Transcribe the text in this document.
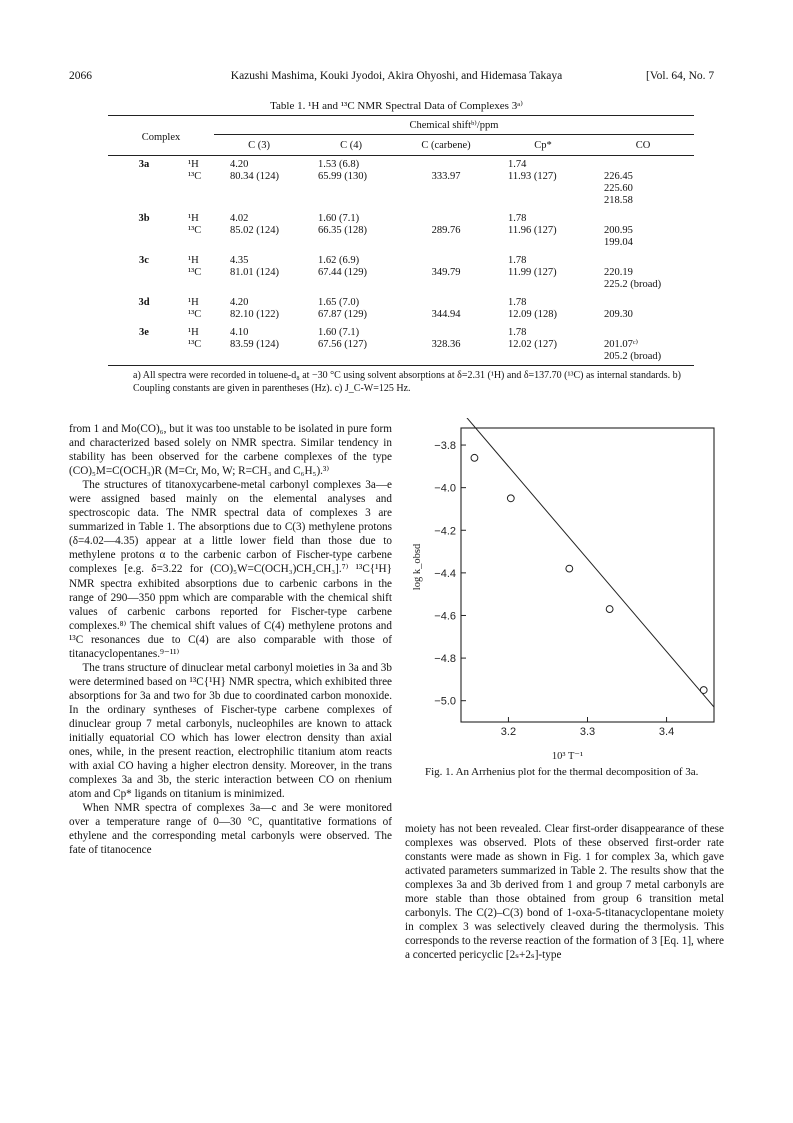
2066	Kazushi Mashima, Kouki Jyodoi, Akira Ohyoshi, and Hidemasa Takaya	[Vol. 64, No. 7
Table 1. ¹H and ¹³C NMR Spectral Data of Complexes 3ᵃ⁾
Complex		Chemical shiftᵇ⁾/ppm				

		C (3)	C (4)	C (carbene)	Cp*	CO
3a	¹H	4.20	1.53 (6.8)		1.74	
	¹³C	80.34 (124)	65.99 (130)	333.97	11.93 (127)	226.45
						225.60
						218.58
3b	¹H	4.02	1.60 (7.1)		1.78	
	¹³C	85.02 (124)	66.35 (128)	289.76	11.96 (127)	200.95
						199.04
3c	¹H	4.35	1.62 (6.9)		1.78	
	¹³C	81.01 (124)	67.44 (129)	349.79	11.99 (127)	220.19
						225.2 (broad)
3d	¹H	4.20	1.65 (7.0)		1.78	
	¹³C	82.10 (122)	67.87 (129)	344.94	12.09 (128)	209.30
3e	¹H	4.10	1.60 (7.1)		1.78	
	¹³C	83.59 (124)	67.56 (127)	328.36	12.02 (127)	201.07ᶜ⁾
						205.2 (broad)
a) All spectra were recorded in toluene-d₈ at −30 °C using solvent absorptions at δ=2.31 (¹H) and δ=137.70 (¹³C) as internal standards. b) Coupling constants are given in parentheses (Hz). c) J_C-W=125 Hz.

from 1 and Mo(CO)₆, but it was too unstable to be isolated in pure form and characterized based solely on NMR spectra. Similar tendency in stability has been observed for the carbene complexes of the type (CO)₅M=C(OCH₃)R (M=Cr, Mo, W; R=CH₃ and C₆H₅).³⁾

The structures of titanoxycarbene-metal carbonyl complexes 3a—e were assigned based mainly on the elemental analyses and spectroscopic data. The NMR spectral data of complexes 3 are summarized in Table 1. The absorptions due to C(3) methylene protons (δ=4.02—4.35) appear at a little lower field than those due to methylene protons α to the carbenic carbon of Fischer-type carbene complexes [e.g. δ=3.22 for (CO)₅W=C(OCH₃)CH₂CH₃].⁷⁾ ¹³C{¹H} NMR spectra exhibited absorptions due to carbenic carbons in the range of 290—350 ppm which are comparable with the chemical shift values of carbenic carbons reported for Fischer-type carbene complexes.⁸⁾ The chemical shift values of C(4) methylene protons and ¹³C resonances due to C(4) are also comparable with those of titanacyclopentanes.⁹⁻¹¹⁾

The trans structure of dinuclear metal carbonyl moieties in 3a and 3b were determined based on ¹³C{¹H} NMR spectra, which exhibited three absorptions for 3a and two for 3b due to coordinated carbon monoxide. In the ordinary syntheses of Fischer-type carbene complexes of dinuclear group 7 metal carbonyls, nucleophiles are known to attack initially equatorial CO which has lower electron density than axial ones, while, in the present reaction, electrophilic titanium atom reacts with axial CO having a higher electron density. Moreover, in the trans complexes 3a and 3b, the steric interaction between CO on rhenium atom and Cp* ligands on titanium is minimized.

When NMR spectra of complexes 3a—c and 3e were monitored over a temperature range of 0—30 °C, quantitative formations of ethylene and the corresponding metal carbonyls were observed. The fate of titanocence

−3.8
−4.0
−4.2
−4.4
−4.6
−4.8
−5.0
3.2	3.3	3.4
10³ T⁻¹
log k_obsd
Fig. 1. An Arrhenius plot for the thermal decomposition of 3a.

moiety has not been revealed. Clear first-order disappearance of these complexes was observed. Plots of these observed first-order rate constants were made as shown in Fig. 1 for complex 3a, which gave activated parameters summarized in Table 2. The results show that the complexes 3a and 3b derived from 1 and group 7 metal carbonyls are more stable than those obtained from group 6 transition metal carbonyls. The C(2)–C(3) bond of 1-oxa-5-titanacyclopentane moiety in complex 3 was selectively cleaved during the thermolysis. This corresponds to the reverse reaction of the formation of 3 [Eq. 1], where a concerted pericyclic [2ₛ+2ₛ]-type
